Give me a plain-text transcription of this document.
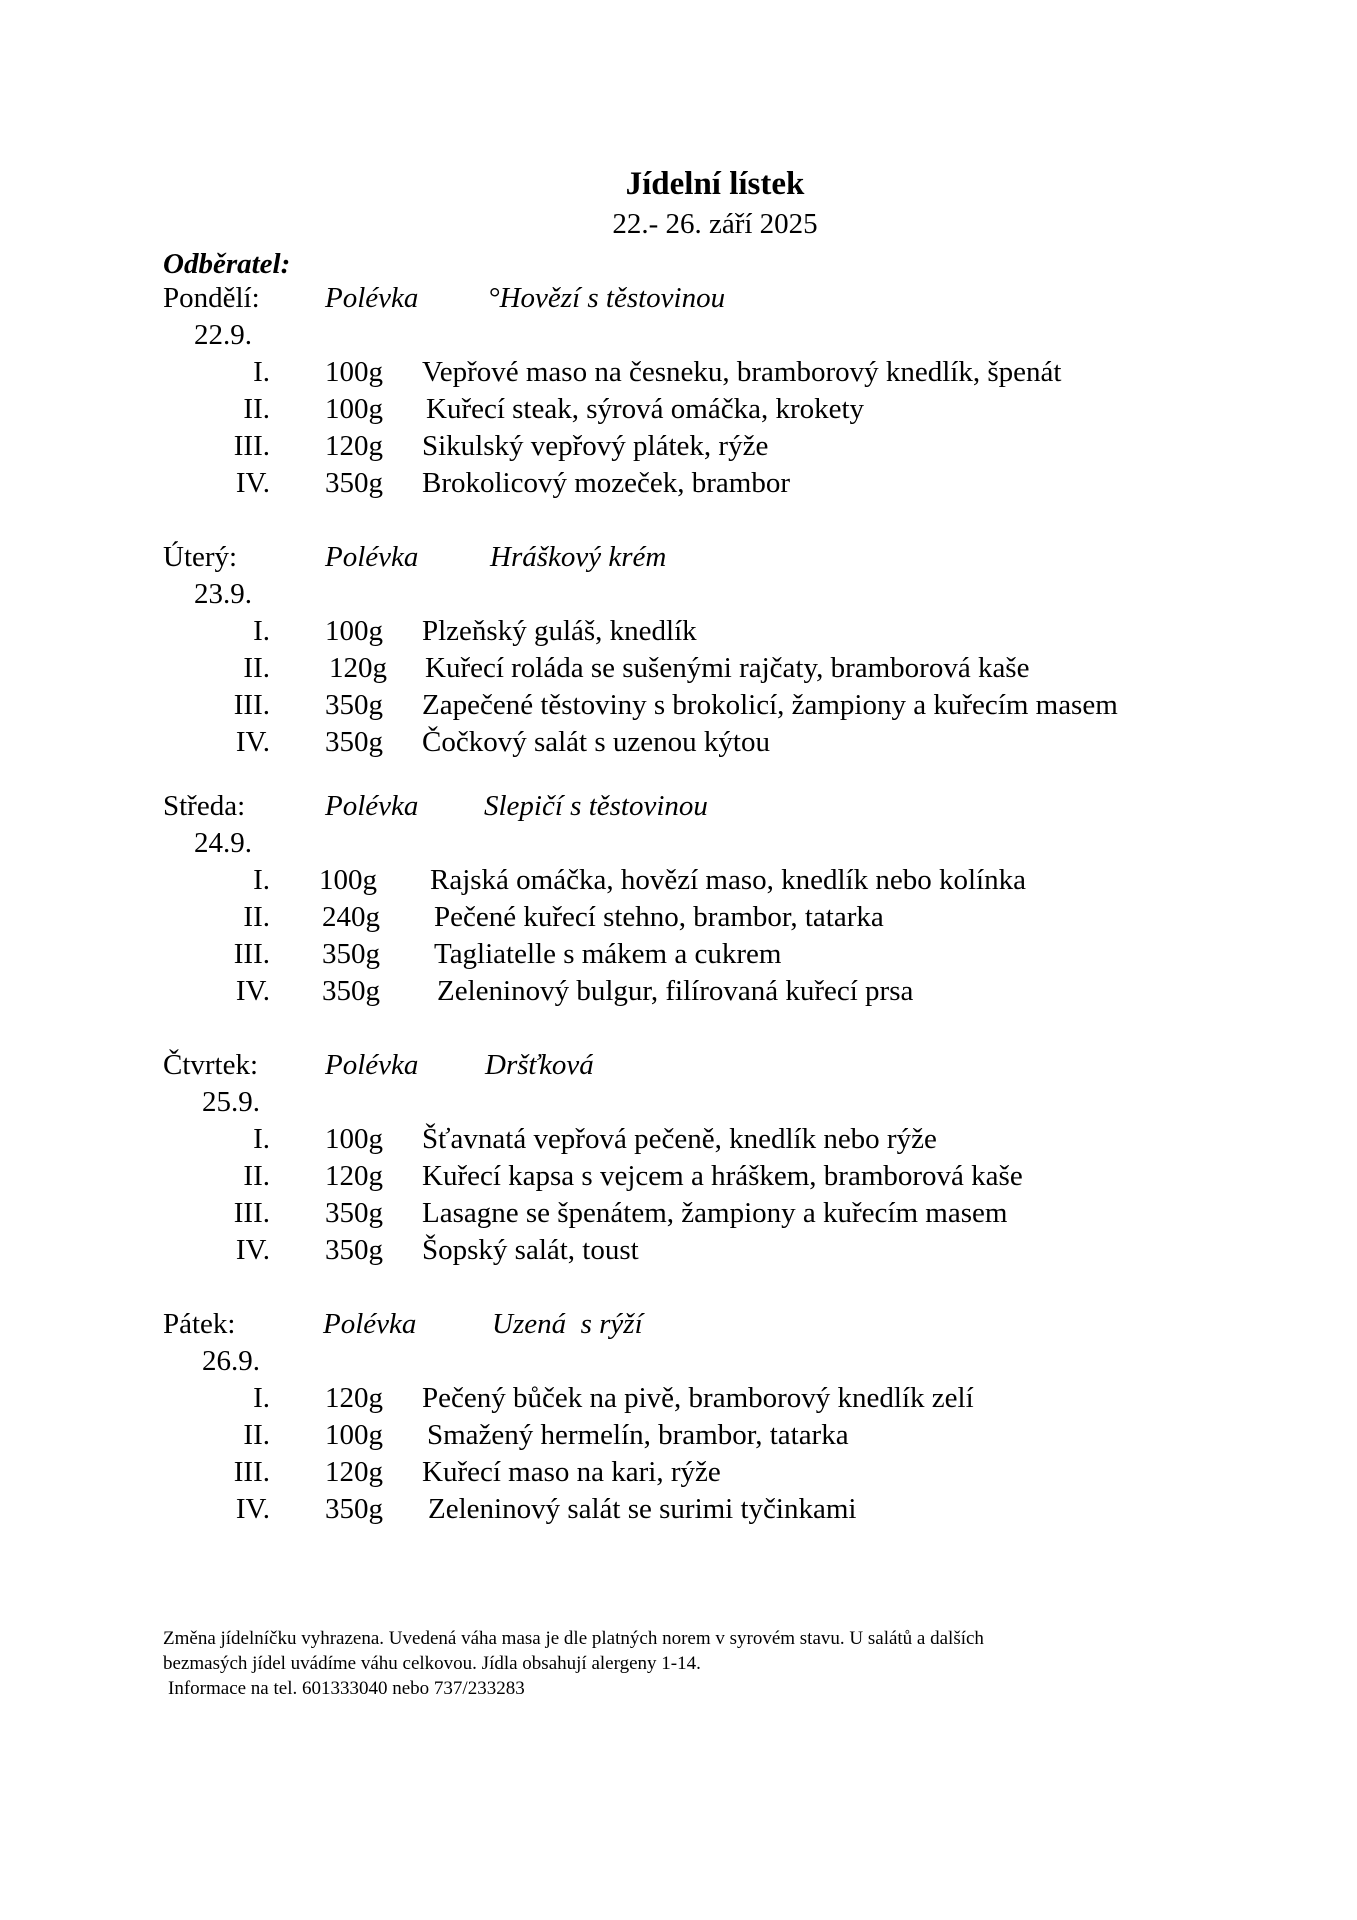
Jídelní lístek
22.- 26. září 2025
Odběratel:
Pondělí: Polévka °Hovězí s těstovinou
22.9.
I. 100g Vepřové maso na česneku, bramborový knedlík, špenát
II. 100g Kuřecí steak, sýrová omáčka, krokety
III. 120g Sikulský vepřový plátek, rýže
IV. 350g Brokolicový mozeček, brambor
Úterý:	Polévka Hráškový krém
23.9.
I. 100g Plzeňský guláš, knedlík
II. 120g Kuřecí roláda se sušenými rajčaty, bramborová kaše
III. 350g Zapečené těstoviny s brokolicí, žampiony a kuřecím masem
IV. 350g Čočkový salát s uzenou kýtou
Středa:	Polévka Slepičí s těstovinou
24.9.
I. 100g Rajská omáčka, hovězí maso, knedlík nebo kolínka
II. 240g Pečené kuřecí stehno, brambor, tatarka
III. 350g Tagliatelle s mákem a cukrem
IV. 350g Zeleninový bulgur, filírovaná kuřecí prsa
Čtvrtek: Polévka Dršťková
25.9.
I. 100g Šťavnatá vepřová pečeně, knedlík nebo rýže
II. 120g Kuřecí kapsa s vejcem a hráškem, bramborová kaše
III. 350g Lasagne se špenátem, žampiony a kuřecím masem
IV. 350g Šopský salát, toust
Pátek:	Polévka	Uzená  s rýží
26.9.
I. 120g Pečený bůček na pivě, bramborový knedlík zelí
II. 100g Smažený hermelín, brambor, tatarka
III. 120g Kuřecí maso na kari, rýže
IV. 350g Zeleninový salát se surimi tyčinkami
Změna jídelníčku vyhrazena. Uvedená váha masa je dle platných norem v syrovém stavu. U salátů a dalších
bezmasých jídel uvádíme váhu celkovou. Jídla obsahují alergeny 1-14.
Informace na tel. 601333040 nebo 737/233283
